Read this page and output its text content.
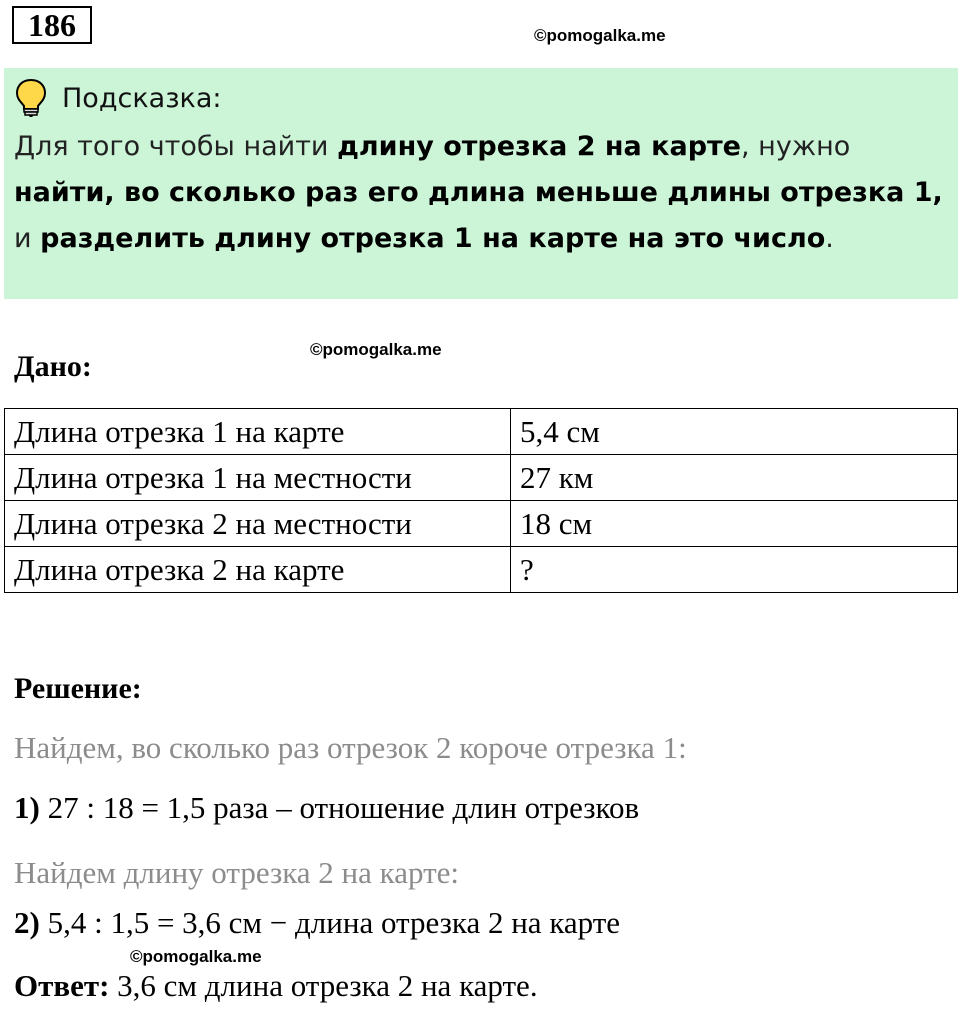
186	©pomogalka.me
Подсказка:
Для того чтобы найти длину отрезка 2 на карте, нужно найти, во сколько раз его длина меньше длины отрезка 1, и разделить длину отрезка 1 на карте на это число.
Дано:
©pomogalka.me
Длина отрезка 1 на карте	5,4 см
Длина отрезка 1 на местности	27 км
Длина отрезка 2 на местности	18 см
Длина отрезка 2 на карте	?
Решение:
Найдем, во сколько раз отрезок 2 короче отрезка 1:
1) 27 : 18 = 1,5 раза – отношение длин отрезков
Найдем длину отрезка 2 на карте:
2) 5,4 : 1,5 = 3,6 см − длина отрезка 2 на карте
©pomogalka.me
Ответ: 3,6 см длина отрезка 2 на карте.
